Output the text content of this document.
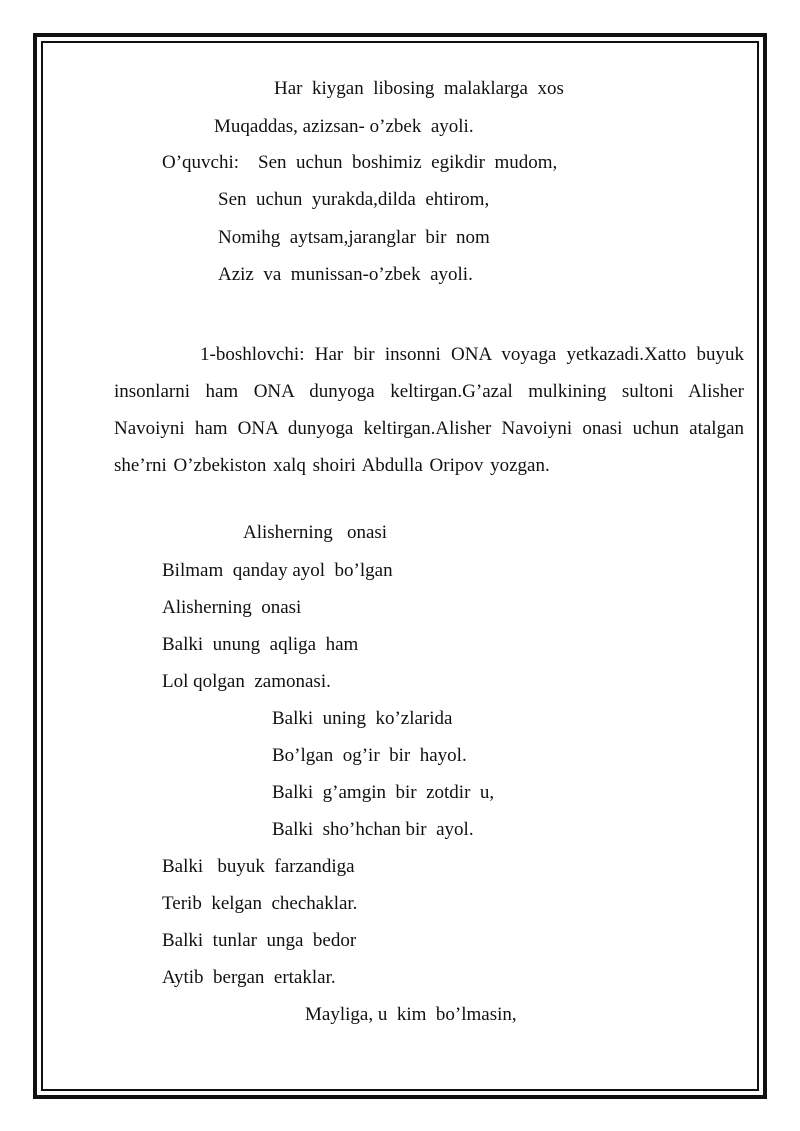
Har  kiygan  libosing  malaklarga  xos

Muqaddas, azizsan- o’zbek  ayoli.

O’quvchi:    Sen  uchun  boshimiz  egikdir  mudom,

Sen  uchun  yurakda,dilda  ehtirom,

Nomihg  aytsam,jaranglar  bir  nom

Aziz  va  munissan-o’zbek  ayoli.

1-boshlovchi: Har bir insonni ONA voyaga yetkazadi.Xatto buyuk insonlarni ham ONA dunyoga keltirgan.G’azal mulkining sultoni Alisher Navoiyni ham ONA dunyoga keltirgan.Alisher Navoiyni onasi uchun atalgan she’rni O’zbekiston xalq shoiri Abdulla Oripov yozgan.

Alisherning   onasi

Bilmam  qanday ayol  bo’lgan

Alisherning  onasi

Balki  unung  aqliga  ham

Lol qolgan  zamonasi.

Balki  uning  ko’zlarida

Bo’lgan  og’ir  bir  hayol.

Balki  g’amgin  bir  zotdir  u,

Balki  sho’hchan bir  ayol.

Balki   buyuk  farzandiga

Terib  kelgan  chechaklar.

Balki  tunlar  unga  bedor

Aytib  bergan  ertaklar.

Mayliga, u  kim  bo’lmasin,
